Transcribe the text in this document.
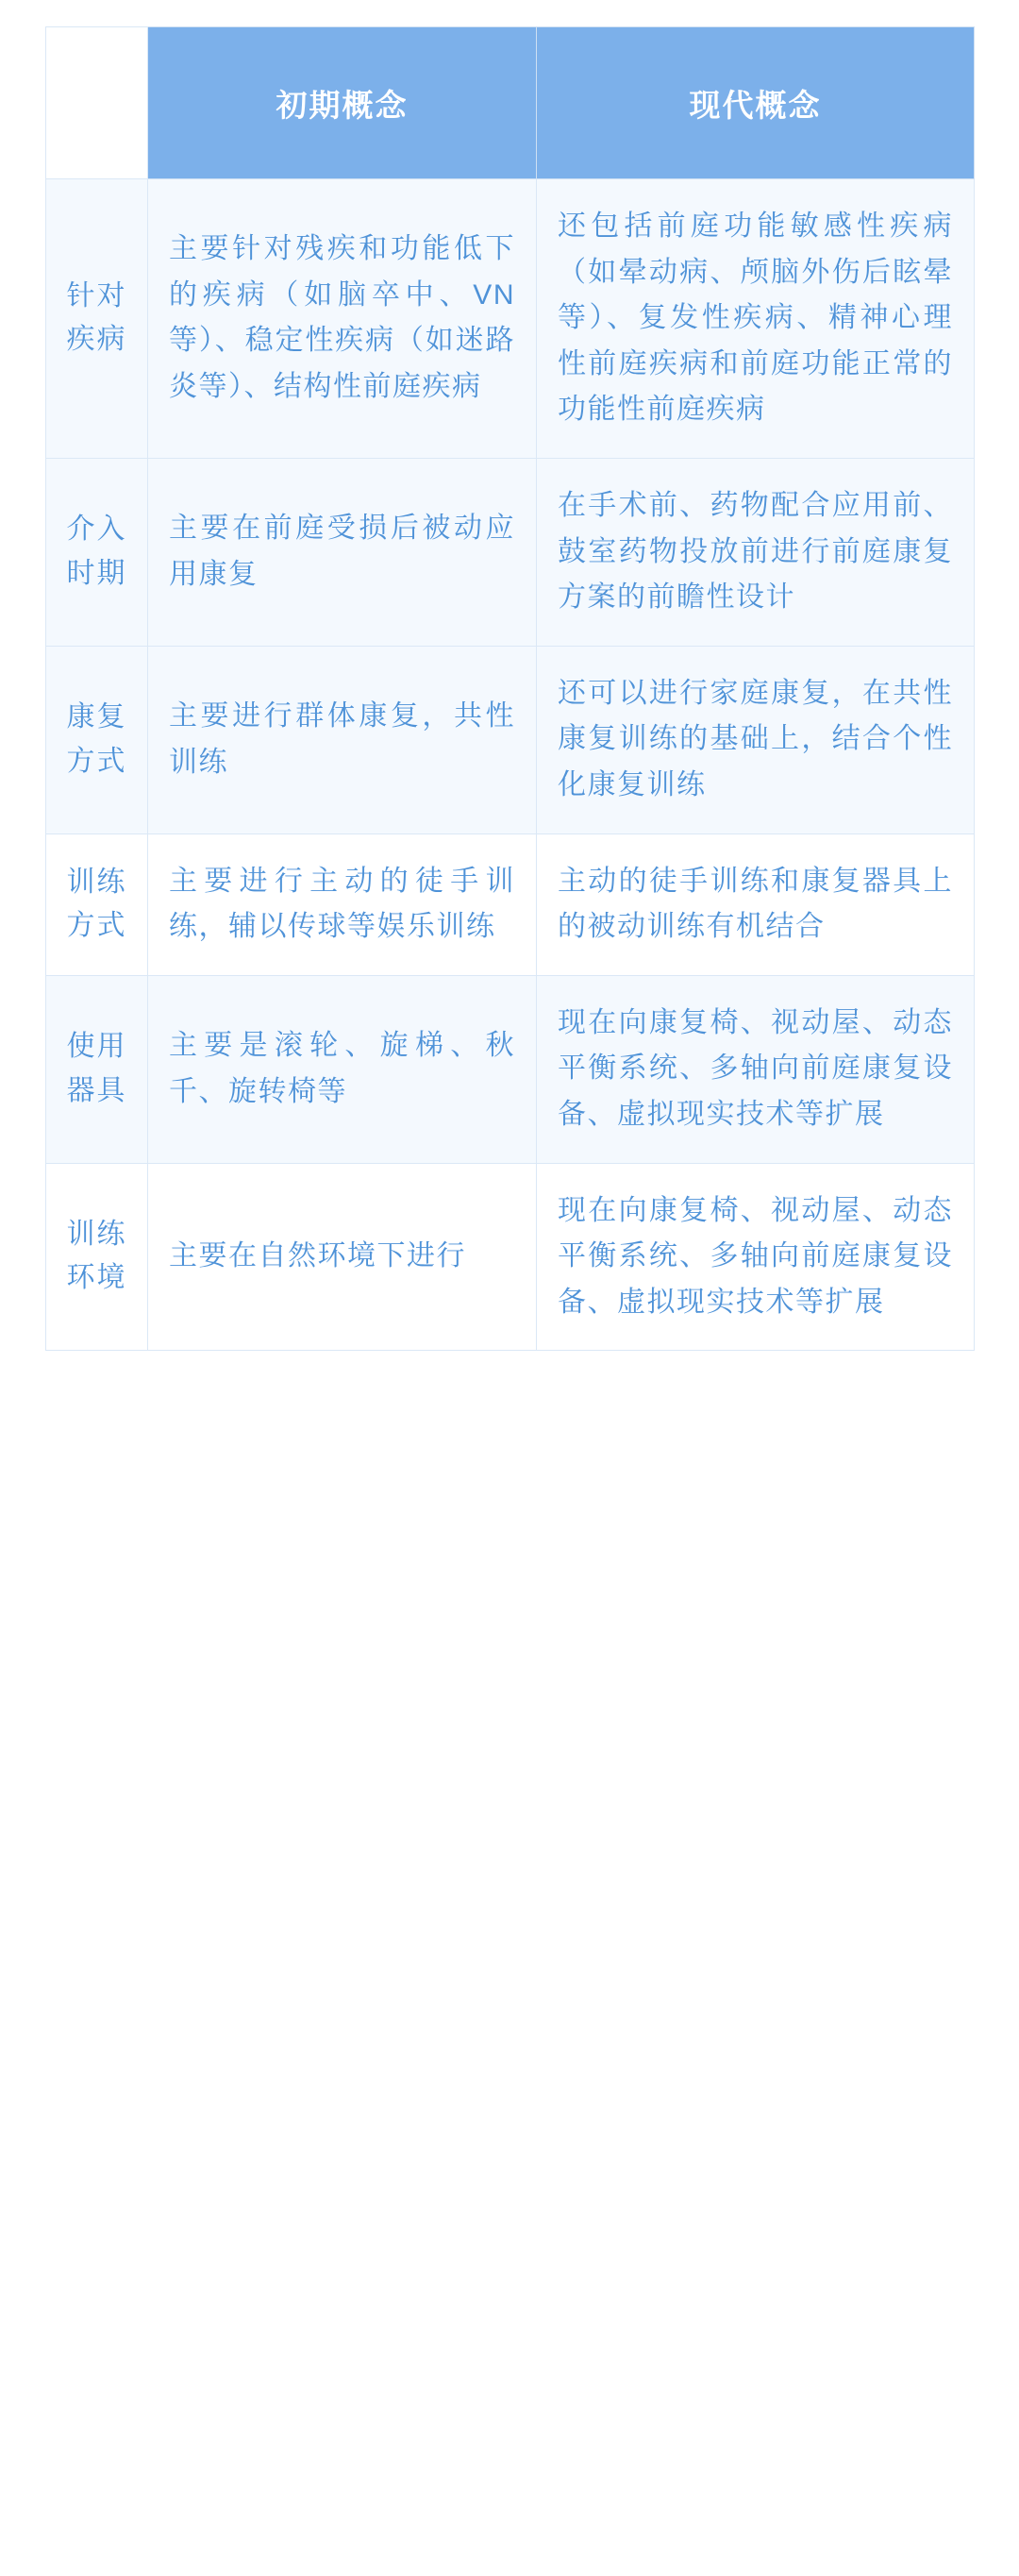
	初期概念	现代概念
针对疾病	主要针对残疾和功能低下的疾病（如脑卒中、VN等）、稳定性疾病（如迷路炎等）、结构性前庭疾病	还包括前庭功能敏感性疾病（如晕动病、颅脑外伤后眩晕等）、复发性疾病、精神心理性前庭疾病和前庭功能正常的功能性前庭疾病
介入时期	主要在前庭受损后被动应用康复	在手术前、药物配合应用前、鼓室药物投放前进行前庭康复方案的前瞻性设计
康复方式	主要进行群体康复，共性训练	还可以进行家庭康复，在共性康复训练的基础上，结合个性化康复训练
训练方式	主要进行主动的徒手训练，辅以传球等娱乐训练	主动的徒手训练和康复器具上的被动训练有机结合
使用器具	主要是滚轮、旋梯、秋千、旋转椅等	现在向康复椅、视动屋、动态平衡系统、多轴向前庭康复设备、虚拟现实技术等扩展
训练环境	主要在自然环境下进行	现在向康复椅、视动屋、动态平衡系统、多轴向前庭康复设备、虚拟现实技术等扩展
